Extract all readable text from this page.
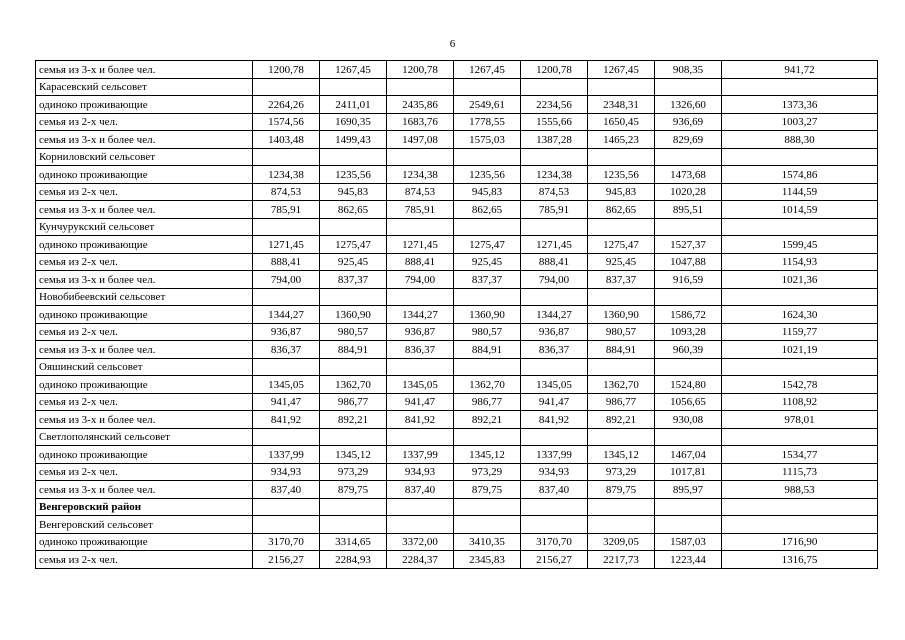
6
семья из 3-х и более чел.	1200,78	1267,45	1200,78	1267,45	1200,78	1267,45	908,35	941,72
Карасевский сельсовет								
одиноко проживающие	2264,26	2411,01	2435,86	2549,61	2234,56	2348,31	1326,60	1373,36
семья из 2-х чел.	1574,56	1690,35	1683,76	1778,55	1555,66	1650,45	936,69	1003,27
семья из 3-х и более чел.	1403,48	1499,43	1497,08	1575,03	1387,28	1465,23	829,69	888,30
Корниловский сельсовет								
одиноко проживающие	1234,38	1235,56	1234,38	1235,56	1234,38	1235,56	1473,68	1574,86
семья из 2-х чел.	874,53	945,83	874,53	945,83	874,53	945,83	1020,28	1144,59
семья из 3-х и более чел.	785,91	862,65	785,91	862,65	785,91	862,65	895,51	1014,59
Кунчурукский сельсовет								
одиноко проживающие	1271,45	1275,47	1271,45	1275,47	1271,45	1275,47	1527,37	1599,45
семья из 2-х чел.	888,41	925,45	888,41	925,45	888,41	925,45	1047,88	1154,93
семья из 3-х и более чел.	794,00	837,37	794,00	837,37	794,00	837,37	916,59	1021,36
Новобибеевский сельсовет								
одиноко проживающие	1344,27	1360,90	1344,27	1360,90	1344,27	1360,90	1586,72	1624,30
семья из 2-х чел.	936,87	980,57	936,87	980,57	936,87	980,57	1093,28	1159,77
семья из 3-х и более чел.	836,37	884,91	836,37	884,91	836,37	884,91	960,39	1021,19
Ояшинский сельсовет								
одиноко проживающие	1345,05	1362,70	1345,05	1362,70	1345,05	1362,70	1524,80	1542,78
семья из 2-х чел.	941,47	986,77	941,47	986,77	941,47	986,77	1056,65	1108,92
семья из 3-х и более чел.	841,92	892,21	841,92	892,21	841,92	892,21	930,08	978,01
Светлополянский сельсовет								
одиноко проживающие	1337,99	1345,12	1337,99	1345,12	1337,99	1345,12	1467,04	1534,77
семья из 2-х чел.	934,93	973,29	934,93	973,29	934,93	973,29	1017,81	1115,73
семья из 3-х и более чел.	837,40	879,75	837,40	879,75	837,40	879,75	895,97	988,53
Венгеровский район								
Венгеровский сельсовет								
одиноко проживающие	3170,70	3314,65	3372,00	3410,35	3170,70	3209,05	1587,03	1716,90
семья из 2-х чел.	2156,27	2284,93	2284,37	2345,83	2156,27	2217,73	1223,44	1316,75
